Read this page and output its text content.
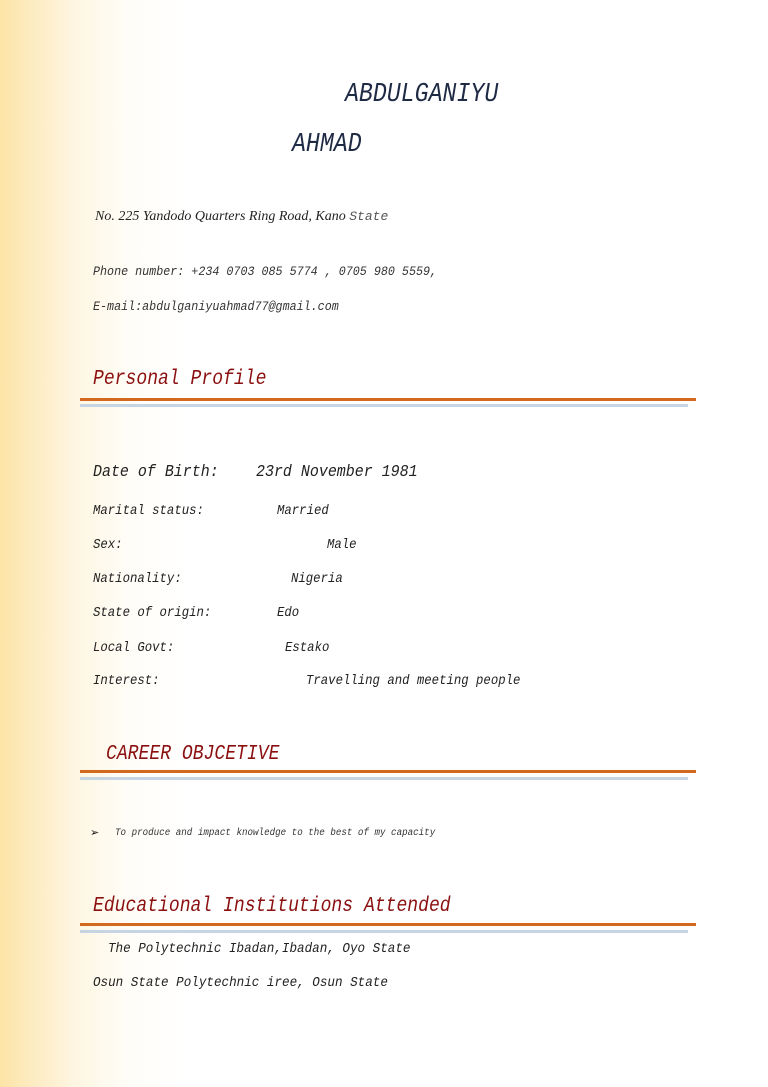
ABDULGANIYU
AHMAD
No. 225 Yandodo Quarters Ring Road, Kano State
Phone number: +234 0703 085 5774 , 0705 980 5559,
E-mail:abdulganiyuahmad77@gmail.com
Personal Profile
Date of Birth: 23rd November 1981
Marital status:	Married
Sex:	Male
Nationality:	Nigeria
State of origin:	Edo
Local Govt:	Estako
Interest:	Travelling and meeting people
CAREER OBJCETIVE
➢ To produce and impact knowledge to the best of my capacity
Educational Institutions Attended
The Polytechnic Ibadan,Ibadan, Oyo State
Osun State Polytechnic iree, Osun State
